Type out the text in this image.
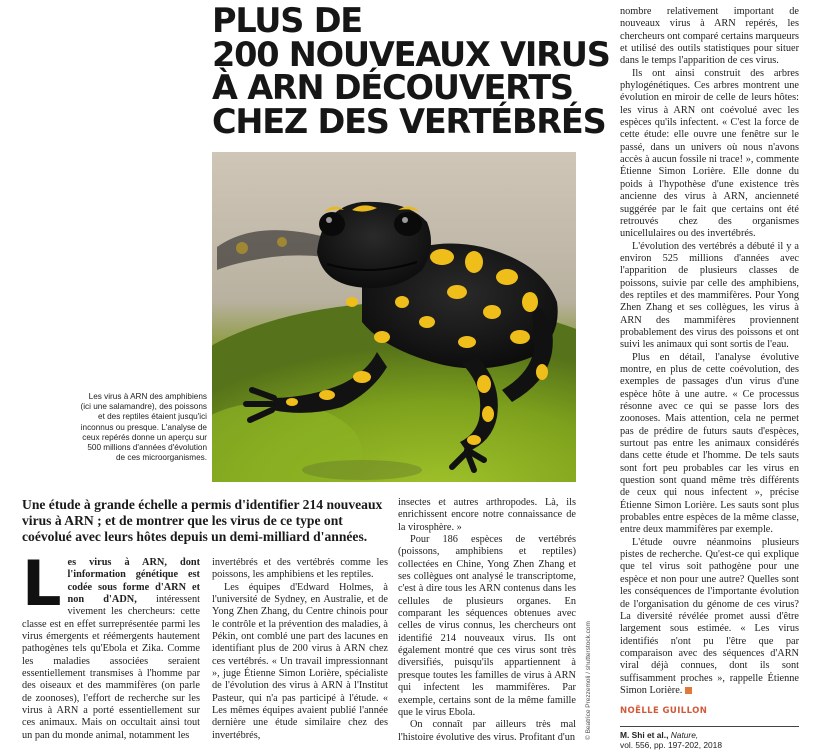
PLUS DE
200 NOUVEAUX VIRUS
À ARN DÉCOUVERTS
CHEZ DES VERTÉBRÉS
Les virus à ARN des amphibiens (ici une salamandre), des poissons et des reptiles étaient jusqu'ici inconnus ou presque. L'analyse de ceux repérés donne un aperçu sur 500 millions d'années d'évolution de ces microorganismes.
© Beatrice Prezzemoli / shutterstock.com
Une étude à grande échelle a permis d'identifier 214 nouveaux virus à ARN ; et de montrer que les virus de ce type ont coévolué avec leurs hôtes depuis un demi-milliard d'années.
L es virus à ARN, dont l'information génétique est codée sous forme d'ARN et non d'ADN, intéressent vivement les chercheurs: cette classe est en effet surreprésentée parmi les virus émergents et réémergents hautement pathogènes tels qu'Ebola et Zika. Comme les maladies associées seraient essentiellement transmises à l'homme par des oiseaux et des mammifères (on parle de zoonoses), l'effort de recherche sur les virus à ARN a porté essentiellement sur ces animaux. Mais on occultait ainsi tout un pan du monde animal, notamment les

invertébrés et des vertébrés comme les poissons, les amphibiens et les reptiles.

Les équipes d'Edward Holmes, à l'université de Sydney, en Australie, et de Yong Zhen Zhang, du Centre chinois pour le contrôle et la prévention des maladies, à Pékin, ont comblé une part des lacunes en identifiant plus de 200 virus à ARN chez ces vertébrés. « Un travail impressionnant », juge Étienne Simon Lorière, spécialiste de l'évolution des virus à ARN à l'Institut Pasteur, qui n'a pas participé à l'étude. « Les mêmes équipes avaient publié l'année dernière une étude similaire chez des invertébrés,

insectes et autres arthropodes. Là, ils enrichissent encore notre connaissance de la virosphère. »

Pour 186 espèces de vertébrés (poissons, amphibiens et reptiles) collectées en Chine, Yong Zhen Zhang et ses collègues ont analysé le transcriptome, c'est à dire tous les ARN contenus dans les cellules de plusieurs organes. En comparant les séquences obtenues avec celles de virus connus, les chercheurs ont identifié 214 nouveaux virus. Ils ont également montré que ces virus sont très diversifiés, puisqu'ils appartiennent à presque toutes les familles de virus à ARN qui infectent les mammifères. Par exemple, certains sont de la même famille que le virus Ebola.

On connaît par ailleurs très mal l'histoire évolutive des virus. Profitant d'un

nombre relativement important de nouveaux virus à ARN repérés, les chercheurs ont comparé certains marqueurs et utilisé des outils statistiques pour situer dans le temps l'apparition de ces virus.

Ils ont ainsi construit des arbres phylogénétiques. Ces arbres montrent une évolution en miroir de celle de leurs hôtes: les virus à ARN ont coévolué avec les espèces qu'ils infectent. « C'est la force de cette étude: elle ouvre une fenêtre sur le passé, dans un univers où nous n'avons accès à aucun fossile ni trace! », commente Étienne Simon Lorière. Elle donne du poids à l'hypothèse d'une existence très ancienne des virus à ARN, ancienneté suggérée par le fait que certains ont été retrouvés chez des organismes unicellulaires ou des invertébrés.

L'évolution des vertébrés a débuté il y a environ 525 millions d'années avec l'apparition de plusieurs classes de poissons, suivie par celle des amphibiens, des reptiles et des mammifères. Pour Yong Zhen Zhang et ses collègues, les virus à ARN des mammifères proviennent probablement des virus des poissons et ont suivi les animaux qui sont sortis de l'eau.

Plus en détail, l'analyse évolutive montre, en plus de cette coévolution, des exemples de passages d'un virus d'une espèce hôte à une autre. « Ce processus résonne avec ce qui se passe lors des zoonoses. Mais attention, cela ne permet pas de prédire de futurs sauts d'espèces, surtout pas entre les animaux considérés dans cette étude et l'homme. De tels sauts sont fort peu probables car les virus en question sont quand même très différents de ceux qui nous infectent », précise Étienne Simon Lorière. Les sauts sont plus probables entre espèces de la même classe, entre deux mammifères par exemple.

L'étude ouvre néanmoins plusieurs pistes de recherche. Qu'est-ce qui explique que tel virus soit pathogène pour une espèce et non pour une autre? Quelles sont les conséquences de l'importante évolution de l'organisation du génome de ces virus? La diversité révélée promet aussi d'être largement sous estimée. « Les virus identifiés n'ont pu l'être que par comparaison avec des séquences d'ARN viral déjà connues, dont ils sont suffisamment proches », rappelle Étienne Simon Lorière.

NOËLLE GUILLON
M. Shi et al., Nature,
vol. 556, pp. 197-202, 2018
